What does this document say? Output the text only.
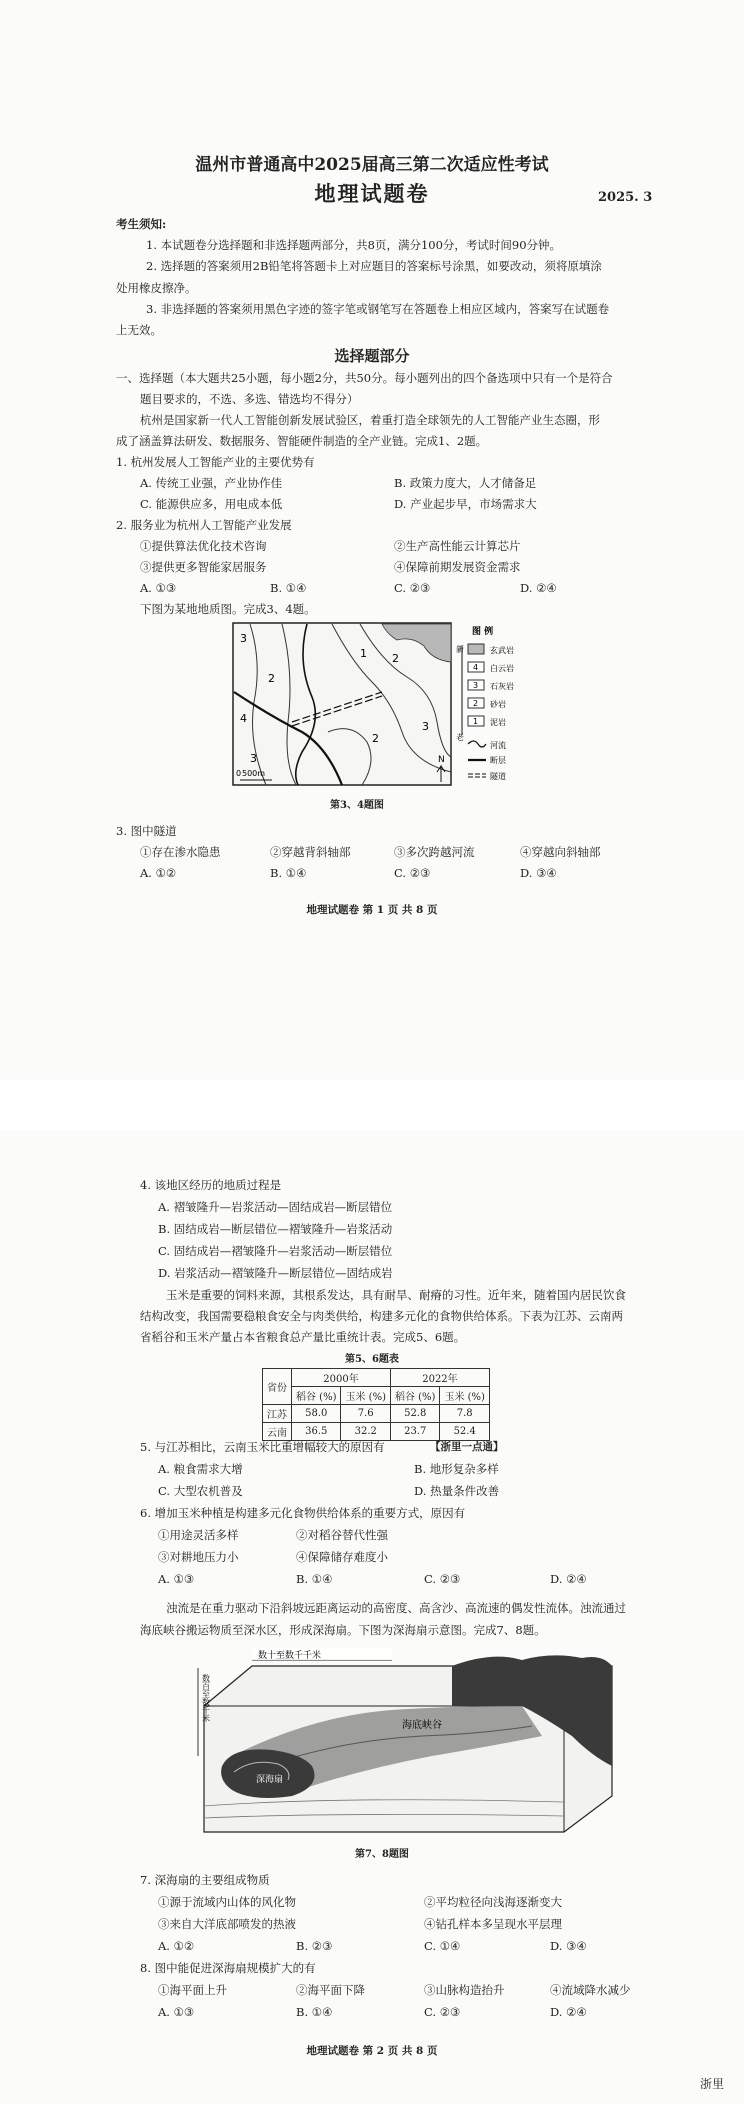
温州市普通高中2025届高三第二次适应性考试
地理试题卷	2025. 3
考生须知:
1. 本试题卷分选择题和非选择题两部分，共8页，满分100分，考试时间90分钟。
2. 选择题的答案须用2B铅笔将答题卡上对应题目的答案标号涂黑，如要改动，须将原填涂
处用橡皮擦净。
3. 非选择题的答案须用黑色字迹的签字笔或钢笔写在答题卷上相应区域内，答案写在试题卷
上无效。
选择题部分
一、选择题（本大题共25小题，每小题2分，共50分。每小题列出的四个备选项中只有一个是符合
题目要求的，不选、多选、错选均不得分）
杭州是国家新一代人工智能创新发展试验区，着重打造全球领先的人工智能产业生态圈，形
成了涵盖算法研发、数据服务、智能硬件制造的全产业链。完成1、2题。
1. 杭州发展人工智能产业的主要优势有
A. 传统工业强，产业协作佳	B. 政策力度大，人才储备足
C. 能源供应多，用电成本低	D. 产业起步早，市场需求大
2. 服务业为杭州人工智能产业发展
①提供算法优化技术咨询	②生产高性能云计算芯片
③提供更多智能家居服务	④保障前期发展资金需求
A. ①③	B. ①④	C. ②③	D. ②④
下图为某地地质图。完成3、4题。
3
2
1 2
3
4
3
2
500m
0
N
图 例
新
老
玄武岩
4 白云岩
3 石灰岩
2 砂岩
1 泥岩
河流
断层
隧道
第3、4题图
3. 图中隧道
①存在渗水隐患	②穿越背斜轴部	③多次跨越河流	④穿越向斜轴部
A. ①②	B. ①④	C. ②③	D. ③④
地理试题卷 第 1 页 共 8 页
4. 该地区经历的地质过程是
A. 褶皱隆升—岩浆活动—固结成岩—断层错位
B. 固结成岩—断层错位—褶皱隆升—岩浆活动
C. 固结成岩—褶皱隆升—岩浆活动—断层错位
D. 岩浆活动—褶皱隆升—断层错位—固结成岩
玉米是重要的饲料来源，其根系发达，具有耐旱、耐瘠的习性。近年来，随着国内居民饮食
结构改变，我国需要稳粮食安全与肉类供给，构建多元化的食物供给体系。下表为江苏、云南两
省稻谷和玉米产量占本省粮食总产量比重统计表。完成5、6题。
第5、6题表
省份	2000年		2022年	
	稻谷 (%)	玉米 (%)	稻谷 (%)	玉米 (%)
江苏	58.0	7.6	52.8	7.8
云南	36.5	32.2	23.7	52.4
5. 与江苏相比，云南玉米比重增幅较大的原因有	【浙里一点通】
A. 粮食需求大增	B. 地形复杂多样
C. 大型农机普及	D. 热量条件改善
6. 增加玉米种植是构建多元化食物供给体系的重要方式，原因有
①用途灵活多样	②对稻谷替代性强
③对耕地压力小	④保障储存难度小
A. ①③	B. ①④	C. ②③	D. ②④
浊流是在重力驱动下沿斜坡远距离运动的高密度、高含沙、高流速的偶发性流体。浊流通过
海底峡谷搬运物质至深水区，形成深海扇。下图为深海扇示意图。完成7、8题。
数十至数千千米
数百至数千米
海底峡谷
深海扇
第7、8题图
7. 深海扇的主要组成物质
①源于流域内山体的风化物	②平均粒径向浅海逐渐变大
③来自大洋底部喷发的热液	④钻孔样本多呈现水平层理
A. ①②	B. ②③	C. ①④	D. ③④
8. 图中能促进深海扇规模扩大的有
①海平面上升	②海平面下降	③山脉构造抬升	④流域降水减少
A. ①③	B. ①④	C. ②③	D. ②④
地理试题卷 第 2 页 共 8 页
浙里
